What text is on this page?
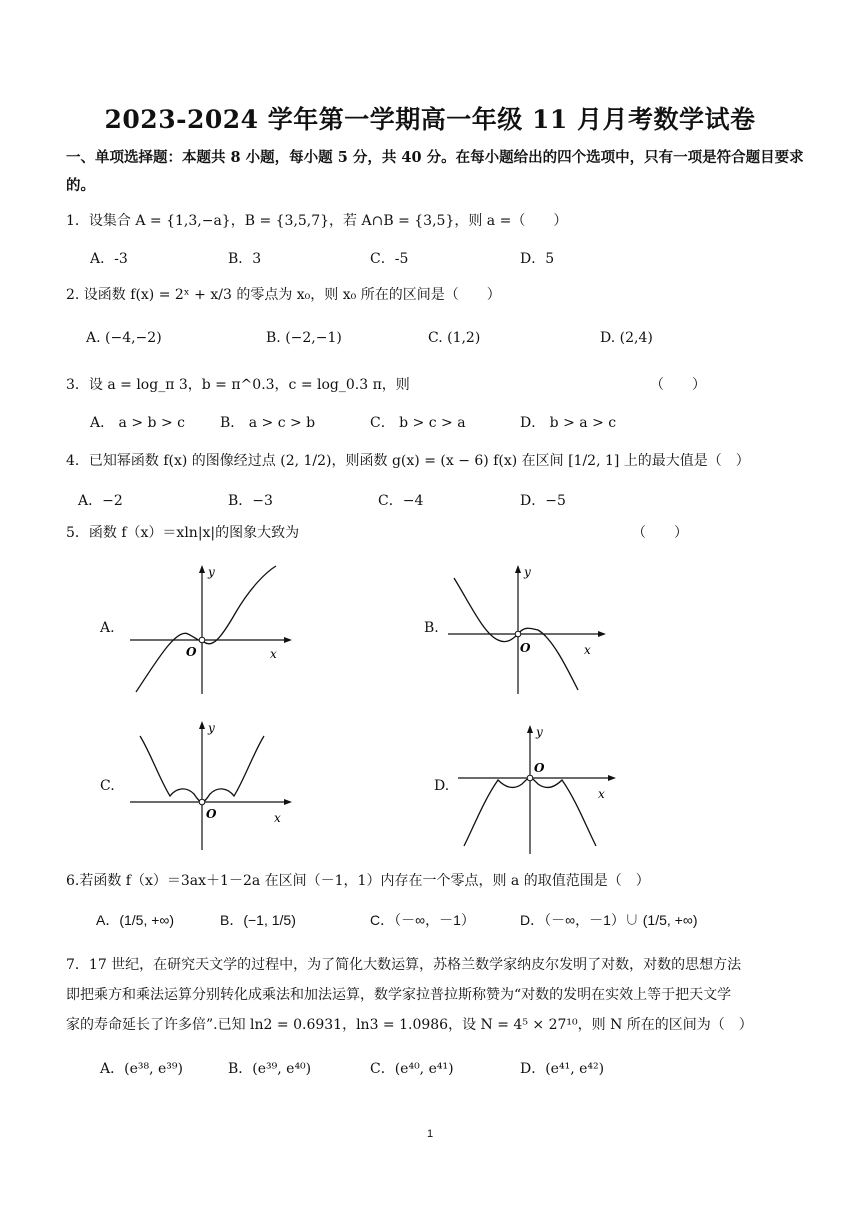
2023-2024 学年第一学期高一年级 11 月月考数学试卷
一、单项选择题：本题共 8 小题，每小题 5 分，共 40 分。在每小题给出的四个选项中，只有一项是符合题目要求的。
1．设集合 A = {1,3,−a}，B = {3,5,7}，若 A∩B = {3,5}，则 a =（　　）
A．-3	B．3	C．-5	D．5
2. 设函数 f(x) = 2ˣ + x/3 的零点为 x₀，则 x₀ 所在的区间是（　　）
A. (−4,−2)	B. (−2,−1)	C. (1,2)	D. (2,4)
3．设 a = log_π 3，b = π^0.3，c = log_0.3 π，则	（　　）
A． a > b > c	B． a > c > b	C． b > c > a	D． b > a > c
4．已知幂函数 f(x) 的图像经过点 (2, 1/2)，则函数 g(x) = (x − 6) f(x) 在区间 [1/2, 1] 上的最大值是（　）
A．−2	B．−3	C．−4	D．−5
5．函数 f（x）＝xln|x|的图象大致为	（　　）
A.
y
x
O
B.
y
x
O
C.
y
x
O
D.
y
x
O
6.若函数 f（x）＝3ax＋1－2a 在区间（－1，1）内存在一个零点，则 a 的取值范围是（　）
A．(1/5, +∞)	B．(−1, 1/5)	C．（－∞，－1）	D．（－∞，－1）∪ (1/5, +∞)
7．17 世纪，在研究天文学的过程中，为了简化大数运算，苏格兰数学家纳皮尔发明了对数，对数的思想方法
即把乘方和乘法运算分别转化成乘法和加法运算，数学家拉普拉斯称赞为“对数的发明在实效上等于把天文学
家的寿命延长了许多倍”.已知 ln2 = 0.6931，ln3 = 1.0986，设 N = 4⁵ × 27¹⁰，则 N 所在的区间为（　）
A．(e³⁸, e³⁹)	B．(e³⁹, e⁴⁰)	C．(e⁴⁰, e⁴¹)	D．(e⁴¹, e⁴²)
1
